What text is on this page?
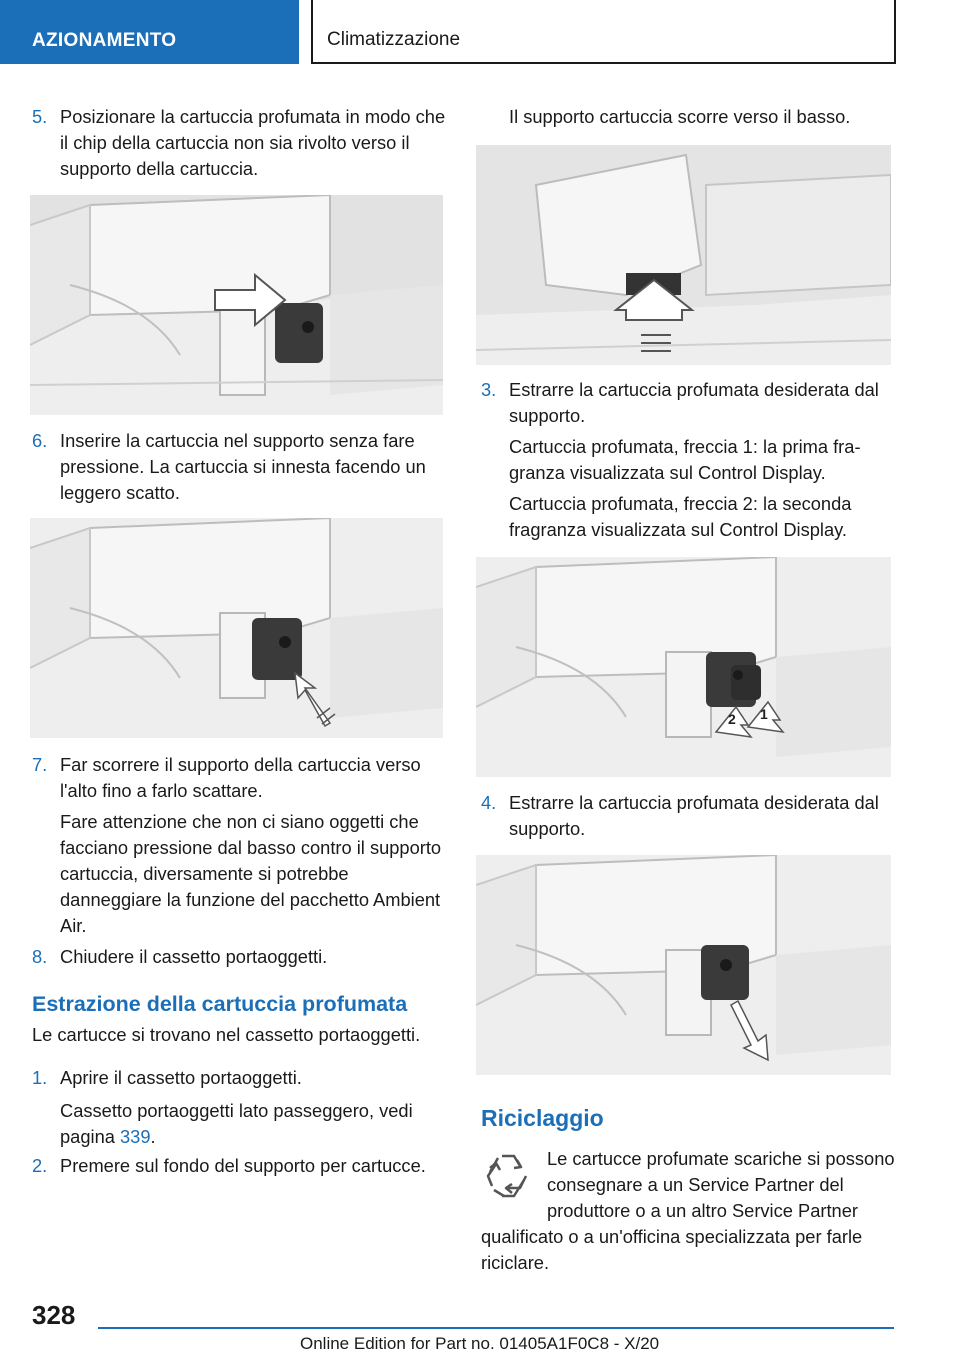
AZIONAMENTO	Climatizzazione
5. Posizionare la cartuccia profumata in modo che il chip della cartuccia non sia rivolto verso il supporto della cartuccia.
6. Inserire la cartuccia nel supporto senza fare pressione. La cartuccia si innesta facendo un leggero scatto.
7. Far scorrere il supporto della cartuccia verso l'alto fino a farlo scattare.
Fare attenzione che non ci siano oggetti che facciano pressione dal basso contro il supporto cartuccia, diversamente si potrebbe danneggiare la funzione del pacchetto Ambient Air.
8. Chiudere il cassetto portaoggetti.
Estrazione della cartuccia profumata
Le cartucce si trovano nel cassetto portaoggetti.
1. Aprire il cassetto portaoggetti.
Cassetto portaoggetti lato passeggero, vedi pagina 339.
2. Premere sul fondo del supporto per cartucce.
Il supporto cartuccia scorre verso il basso.
3. Estrarre la cartuccia profumata desiderata dal supporto.
Cartuccia profumata, freccia 1: la prima fragranza visualizzata sul Control Display.
Cartuccia profumata, freccia 2: la seconda fragranza visualizzata sul Control Display.
2 1
4. Estrarre la cartuccia profumata desiderata dal supporto.
Riciclaggio
Le cartucce profumate scariche si possono consegnare a un Service Partner del produttore o a un altro Service Partner qualificato o a un'officina specializzata per farle riciclare.
328
Online Edition for Part no. 01405A1F0C8 - X/20
